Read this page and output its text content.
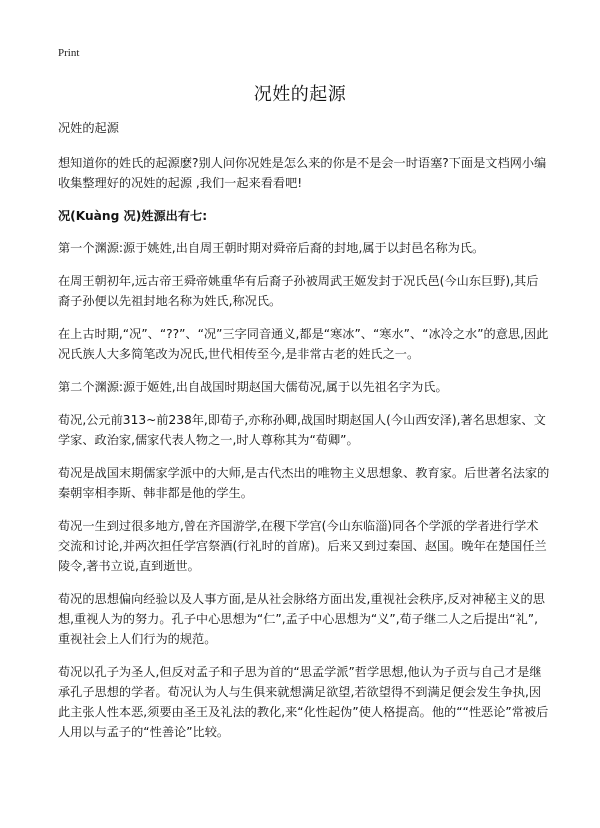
Print
况姓的起源

况姓的起源

想知道你的姓氏的起源麽?别人问你况姓是怎么来的你是不是会一时语塞?下面是文档网小编收集整理好的况姓的起源 ,我们一起来看看吧!

况(Kuàng 况)姓源出有七:

第一个渊源:源于姚姓,出自周王朝时期对舜帝后裔的封地,属于以封邑名称为氏。

在周王朝初年,远古帝王舜帝姚重华有后裔子孙被周武王姬发封于况氏邑(今山东巨野),其后裔子孙便以先祖封地名称为姓氏,称况氏。

在上古时期,“况”、“??”、“况”三字同音通义,都是“寒冰”、“寒水”、“冰冷之水”的意思,因此况氏族人大多简笔改为况氏,世代相传至今,是非常古老的姓氏之一。

第二个渊源:源于姬姓,出自战国时期赵国大儒荀况,属于以先祖名字为氏。

荀况,公元前313~前238年,即荀子,亦称孙卿,战国时期赵国人(今山西安泽),著名思想家、文学家、政治家,儒家代表人物之一,时人尊称其为“荀卿”。

荀况是战国末期儒家学派中的大师,是古代杰出的唯物主义思想象、教育家。后世著名法家的秦朝宰相李斯、韩非都是他的学生。

荀况一生到过很多地方,曾在齐国游学,在稷下学宫(今山东临淄)同各个学派的学者进行学术交流和讨论,并两次担任学宫祭酒(行礼时的首席)。后来又到过秦国、赵国。晚年在楚国任兰陵令,著书立说,直到逝世。

荀况的思想偏向经验以及人事方面,是从社会脉络方面出发,重视社会秩序,反对神秘主义的思想,重视人为的努力。孔子中心思想为“仁”,孟子中心思想为“义”,荀子继二人之后提出“礼”,重视社会上人们行为的规范。

荀况以孔子为圣人,但反对孟子和子思为首的“思孟学派”哲学思想,他认为子贡与自己才是继承孔子思想的学者。荀况认为人与生俱来就想满足欲望,若欲望得不到满足便会发生争执,因此主张人性本恶,须要由圣王及礼法的教化,来“化性起伪”使人格提高。他的““性恶论”常被后人用以与孟子的“性善论”比较。
